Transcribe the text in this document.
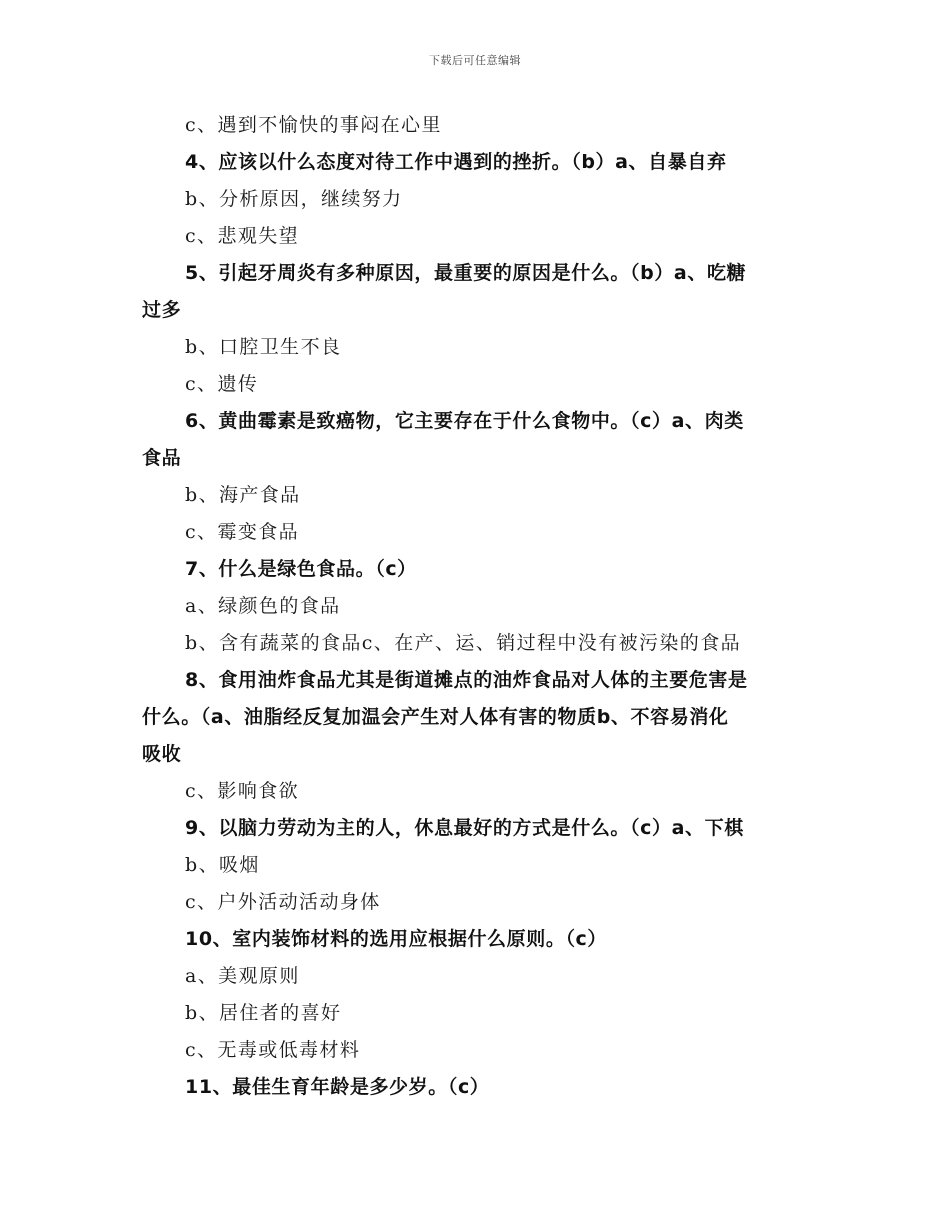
下载后可任意编辑
c、遇到不愉快的事闷在心里
4、应该以什么态度对待工作中遇到的挫折。（b）a、自暴自弃
b、分析原因，继续努力
c、悲观失望
5、引起牙周炎有多种原因，最重要的原因是什么。（b）a、吃糖
过多
b、口腔卫生不良
c、遗传
6、黄曲霉素是致癌物，它主要存在于什么食物中。（c）a、肉类
食品
b、海产食品
c、霉变食品
7、什么是绿色食品。（c）
a、绿颜色的食品
b、含有蔬菜的食品c、在产、运、销过程中没有被污染的食品
8、食用油炸食品尤其是街道摊点的油炸食品对人体的主要危害是
什么。（a、油脂经反复加温会产生对人体有害的物质b、不容易消化
吸收
c、影响食欲
9、以脑力劳动为主的人，休息最好的方式是什么。（c）a、下棋
b、吸烟
c、户外活动活动身体
10、室内装饰材料的选用应根据什么原则。（c）
a、美观原则
b、居住者的喜好
c、无毒或低毒材料
11、最佳生育年龄是多少岁。（c）
